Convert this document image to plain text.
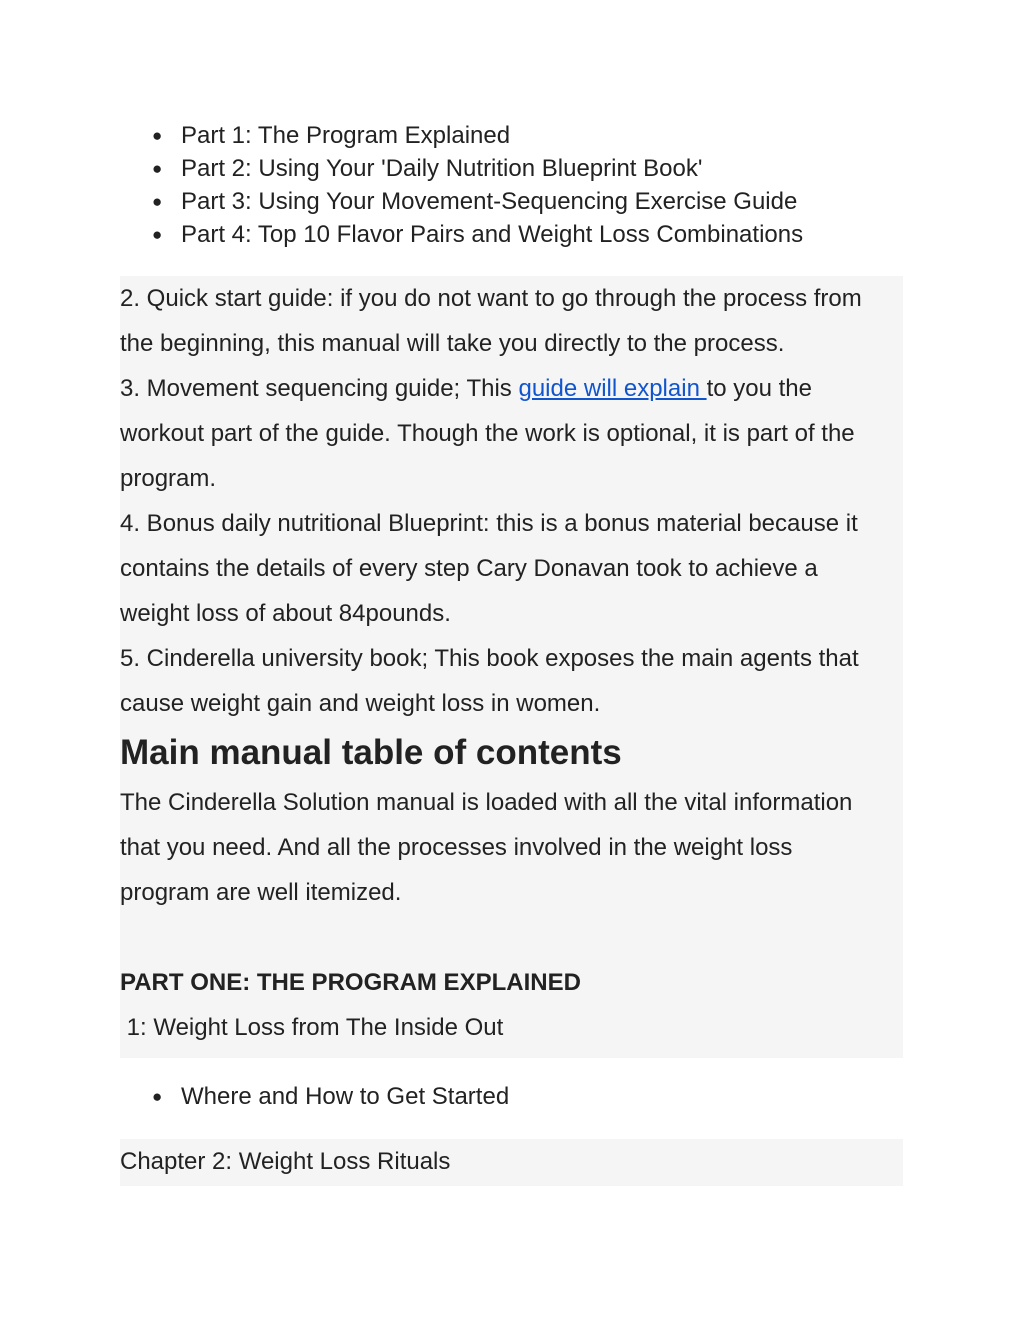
● Part 1: The Program Explained
● Part 2: Using Your 'Daily Nutrition Blueprint Book'
● Part 3: Using Your Movement-Sequencing Exercise Guide
● Part 4: Top 10 Flavor Pairs and Weight Loss Combinations

2. Quick start guide: if you do not want to go through the process from

the beginning, this manual will take you directly to the process.

3. Movement sequencing guide; This guide will explain to you the

workout part of the guide. Though the work is optional, it is part of the

program.

4. Bonus daily nutritional Blueprint: this is a bonus material because it

contains the details of every step Cary Donavan took to achieve a

weight loss of about 84pounds.

5. Cinderella university book; This book exposes the main agents that

cause weight gain and weight loss in women.

Main manual table of contents

The Cinderella Solution manual is loaded with all the vital information

that you need. And all the processes involved in the weight loss

program are well itemized.

PART ONE: THE PROGRAM EXPLAINED

1: Weight Loss from The Inside Out

● Where and How to Get Started

Chapter 2: Weight Loss Rituals
